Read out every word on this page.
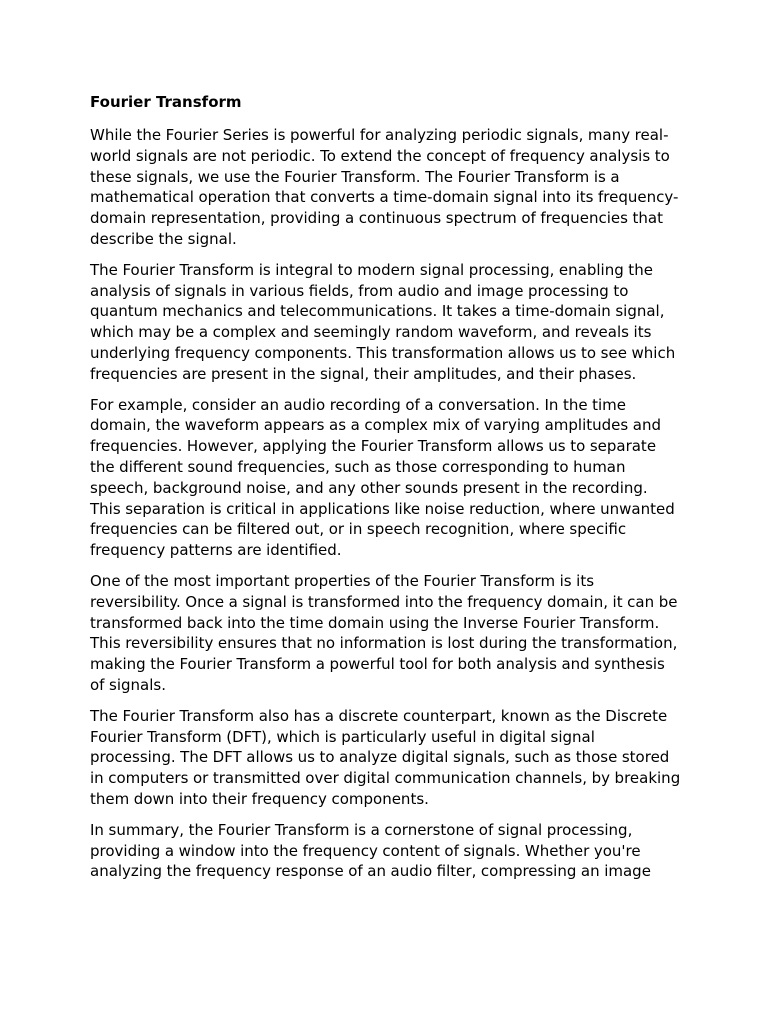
Fourier Transform

While the Fourier Series is powerful for analyzing periodic signals, many real-world signals are not periodic. To extend the concept of frequency analysis to these signals, we use the Fourier Transform. The Fourier Transform is a mathematical operation that converts a time-domain signal into its frequency-domain representation, providing a continuous spectrum of frequencies that describe the signal.

The Fourier Transform is integral to modern signal processing, enabling the analysis of signals in various fields, from audio and image processing to quantum mechanics and telecommunications. It takes a time-domain signal, which may be a complex and seemingly random waveform, and reveals its underlying frequency components. This transformation allows us to see which frequencies are present in the signal, their amplitudes, and their phases.

For example, consider an audio recording of a conversation. In the time domain, the waveform appears as a complex mix of varying amplitudes and frequencies. However, applying the Fourier Transform allows us to separate the different sound frequencies, such as those corresponding to human speech, background noise, and any other sounds present in the recording. This separation is critical in applications like noise reduction, where unwanted frequencies can be filtered out, or in speech recognition, where specific frequency patterns are identified.

One of the most important properties of the Fourier Transform is its reversibility. Once a signal is transformed into the frequency domain, it can be transformed back into the time domain using the Inverse Fourier Transform. This reversibility ensures that no information is lost during the transformation, making the Fourier Transform a powerful tool for both analysis and synthesis of signals.

The Fourier Transform also has a discrete counterpart, known as the Discrete Fourier Transform (DFT), which is particularly useful in digital signal processing. The DFT allows us to analyze digital signals, such as those stored in computers or transmitted over digital communication channels, by breaking them down into their frequency components.

In summary, the Fourier Transform is a cornerstone of signal processing, providing a window into the frequency content of signals. Whether you're analyzing the frequency response of an audio filter, compressing an image
